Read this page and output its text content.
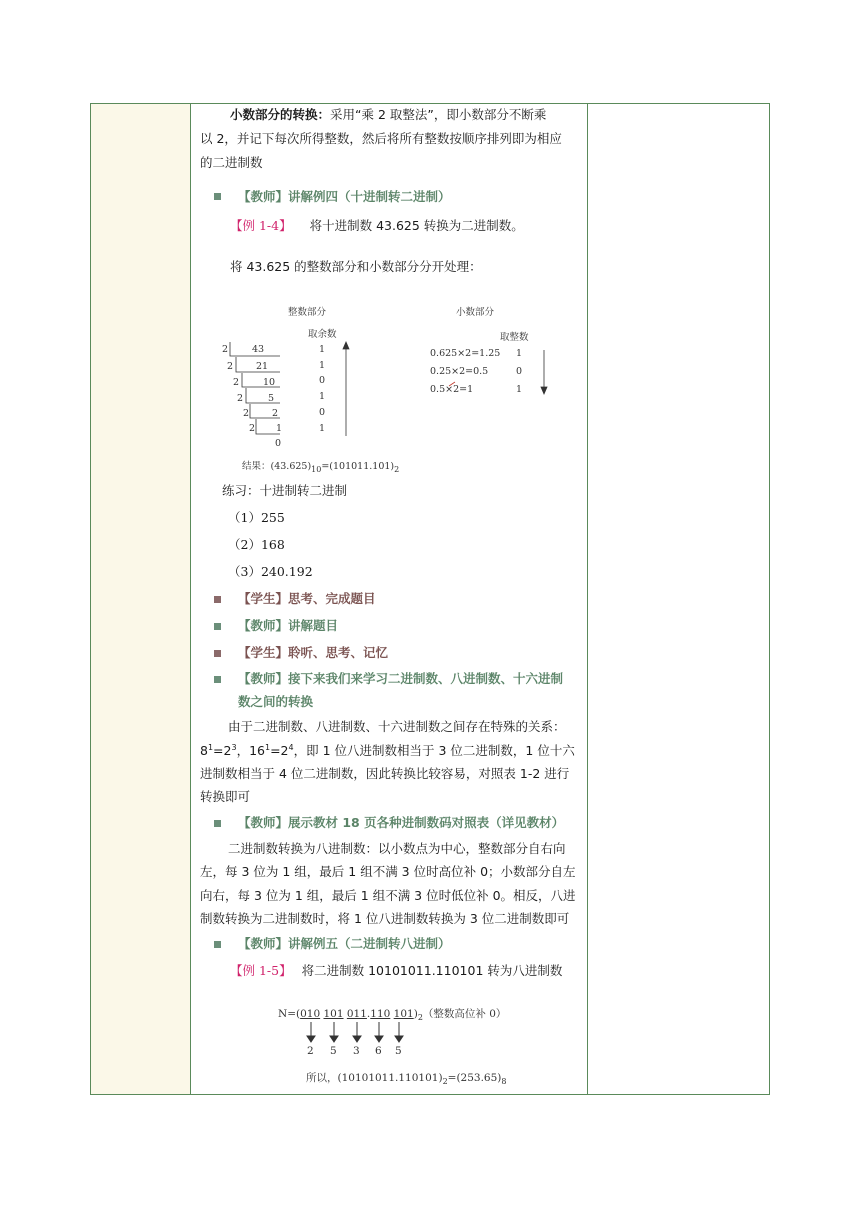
小数部分的转换：采用“乘 2 取整法”，即小数部分不断乘
以 2，并记下每次所得整数，然后将所有整数按顺序排列即为相应
的二进制数
【教师】讲解例四（十进制转二进制）
【例 1-4】 将十进制数 43.625 转换为二进制数。
将 43.625 的整数部分和小数部分分开处理：
整数部分
取余数
2
2
2
2
2
2
43
21
10
5
2
1
0
1
1
0
1
0
1
小数部分
取整数
0.625×2=1.25
0.25×2=0.5
0.5×2=1
1
0
1
结果：$(43.625)_{10}=(101011.101)_2$
练习：十进制转二进制
（1）255
（2）168
（3）240.192
【学生】思考、完成题目
【教师】讲解题目
【学生】聆听、思考、记忆
【教师】接下来我们来学习二进制数、八进制数、十六进制
数之间的转换
由于二进制数、八进制数、十六进制数之间存在特殊的关系：
$8^1=2^3$，$16^1=2^4$，即 1 位八进制数相当于 3 位二进制数，1 位十六
进制数相当于 4 位二进制数，因此转换比较容易，对照表 1-2 进行
转换即可
【教师】展示教材 18 页各种进制数码对照表（详见教材）
二进制数转换为八进制数：以小数点为中心，整数部分自右向
左，每 3 位为 1 组，最后 1 组不满 3 位时高位补 0；小数部分自左
向右，每 3 位为 1 组，最后 1 组不满 3 位时低位补 0。相反，八进
制数转换为二进制数时，将 1 位八进制数转换为 3 位二进制数即可
【教师】讲解例五（二进制转八进制）
【例 1-5】 将二进制数 10101011.110101 转为八进制数
N=(010 101 011.110 $101)_2$（整数高位补 0）
2 5 3 6 5
所以，$(10101011.110101)_2=(253.65)_8$
